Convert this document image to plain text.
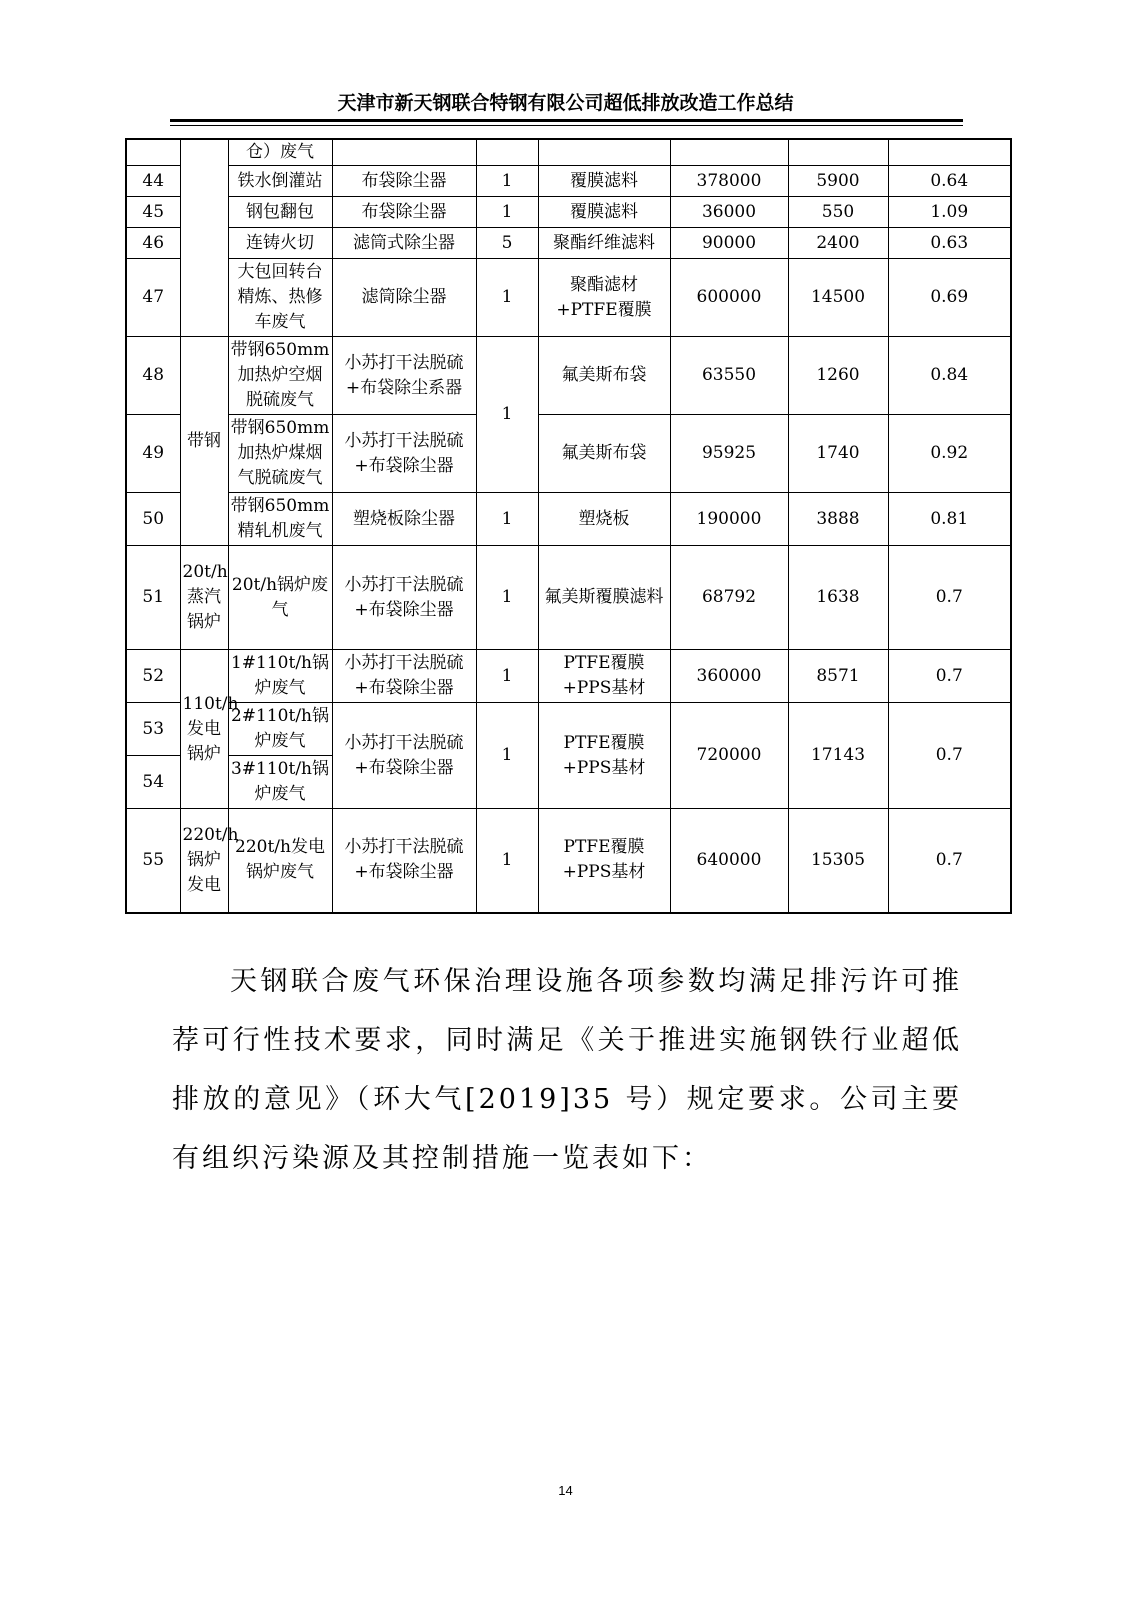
天津市新天钢联合特钢有限公司超低排放改造工作总结
		仓）废气						
44		铁水倒灌站	布袋除尘器	1	覆膜滤料	378000	5900	0.64
45		钢包翻包	布袋除尘器	1	覆膜滤料	36000	550	1.09
46		连铸火切	滤筒式除尘器	5	聚酯纤维滤料	90000	2400	0.63
47		大包回转台精炼、热修车废气	滤筒除尘器	1	聚酯滤材+PTFE覆膜	600000	14500	0.69
48	带钢	带钢650mm加热炉空烟脱硫废气	小苏打干法脱硫+布袋除尘系器	1	氟美斯布袋	63550	1260	0.84
49		带钢650mm加热炉煤烟气脱硫废气	小苏打干法脱硫+布袋除尘器		氟美斯布袋	95925	1740	0.92
50		带钢650mm精轧机废气	塑烧板除尘器	1	塑烧板	190000	3888	0.81
51	20t/h蒸汽锅炉	20t/h锅炉废气	小苏打干法脱硫+布袋除尘器	1	氟美斯覆膜滤料	68792	1638	0.7
52	110t/h发电锅炉	1#110t/h锅炉废气	小苏打干法脱硫+布袋除尘器	1	PTFE覆膜+PPS基材	360000	8571	0.7
53		2#110t/h锅炉废气	小苏打干法脱硫+布袋除尘器	1	PTFE覆膜+PPS基材	720000	17143	0.7
54		3#110t/h锅炉废气						
55	220t/h锅炉发电	220t/h发电锅炉废气	小苏打干法脱硫+布袋除尘器	1	PTFE覆膜+PPS基材	640000	15305	0.7

天钢联合废气环保治理设施各项参数均满足排污许可推荐可行性技术要求，同时满足《关于推进实施钢铁行业超低排放的意见》（环大气[2019]35 号）规定要求。公司主要有组织污染源及其控制措施一览表如下：

14
